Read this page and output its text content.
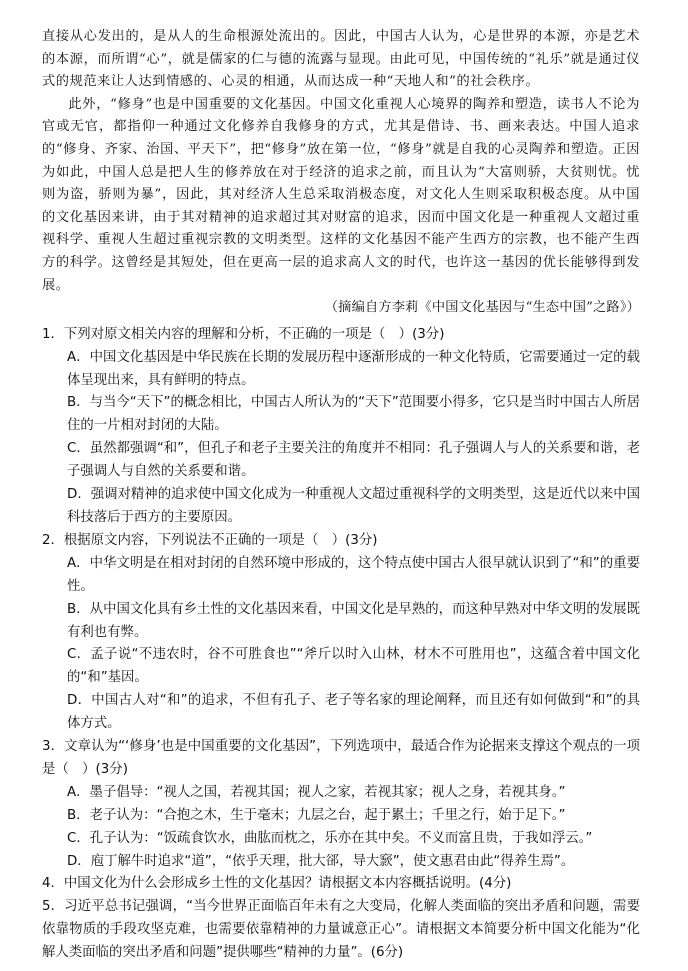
直接从心发出的，是从人的生命根源处流出的。因此，中国古人认为，心是世界的本源，亦是艺术的本源，而所谓“心”，就是儒家的仁与德的流露与显现。由此可见，中国传统的“礼乐”就是通过仪式的规范来让人达到情感的、心灵的相通，从而达成一种“天地人和”的社会秩序。

此外，“修身”也是中国重要的文化基因。中国文化重视人心境界的陶养和塑造，读书人不论为官或无官，都指仰一种通过文化修养自我修身的方式，尤其是借诗、书、画来表达。中国人追求的“修身、齐家、治国、平天下”，把“修身”放在第一位，“修身”就是自我的心灵陶养和塑造。正因为如此，中国人总是把人生的修养放在对于经济的追求之前，而且认为“大富则骄，大贫则忧。忧则为盗，骄则为暴”，因此，其对经济人生总采取消极态度，对文化人生则采取积极态度。从中国的文化基因来讲，由于其对精神的追求超过其对财富的追求，因而中国文化是一种重视人文超过重视科学、重视人生超过重视宗教的文明类型。这样的文化基因不能产生西方的宗教，也不能产生西方的科学。这曾经是其短处，但在更高一层的追求高人文的时代，也许这一基因的优长能够得到发展。

（摘编自方李莉《中国文化基因与“生态中国”之路》）

1．下列对原文相关内容的理解和分析，不正确的一项是（　）(3分)

A．中国文化基因是中华民族在长期的发展历程中逐渐形成的一种文化特质，它需要通过一定的载体呈现出来，具有鲜明的特点。

B．与当今“天下”的概念相比，中国古人所认为的“天下”范围要小得多，它只是当时中国古人所居住的一片相对封闭的大陆。

C．虽然都强调“和”，但孔子和老子主要关注的角度并不相同：孔子强调人与人的关系要和谐，老子强调人与自然的关系要和谐。

D．强调对精神的追求使中国文化成为一种重视人文超过重视科学的文明类型，这是近代以来中国科技落后于西方的主要原因。

2．根据原文内容，下列说法不正确的一项是（　）(3分)

A．中华文明是在相对封闭的自然环境中形成的，这个特点使中国古人很早就认识到了“和”的重要性。

B．从中国文化具有乡土性的文化基因来看，中国文化是早熟的，而这种早熟对中华文明的发展既有利也有弊。

C．孟子说“不违农时，谷不可胜食也”“斧斤以时入山林，材木不可胜用也”，这蕴含着中国文化的“和”基因。

D．中国古人对“和”的追求，不但有孔子、老子等名家的理论阐释，而且还有如何做到“和”的具体方式。

3．文章认为“‘修身’也是中国重要的文化基因”，下列选项中，最适合作为论据来支撑这个观点的一项是（　）(3分)

A．墨子倡导：“视人之国，若视其国；视人之家，若视其家；视人之身，若视其身。”

B．老子认为：“合抱之木，生于毫末；九层之台，起于累土；千里之行，始于足下。”

C．孔子认为：“饭疏食饮水，曲肱而枕之，乐亦在其中矣。不义而富且贵，于我如浮云。”

D．庖丁解牛时追求“道”，“依乎天理，批大郤，导大窾”，使文惠君由此“得养生焉”。

4．中国文化为什么会形成乡土性的文化基因？请根据文本内容概括说明。(4分)

5．习近平总书记强调，“当今世界正面临百年未有之大变局，化解人类面临的突出矛盾和问题，需要依靠物质的手段攻坚克难，也需要依靠精神的力量诚意正心”。请根据文本简要分析中国文化能为“化解人类面临的突出矛盾和问题”提供哪些“精神的力量”。(6分)
